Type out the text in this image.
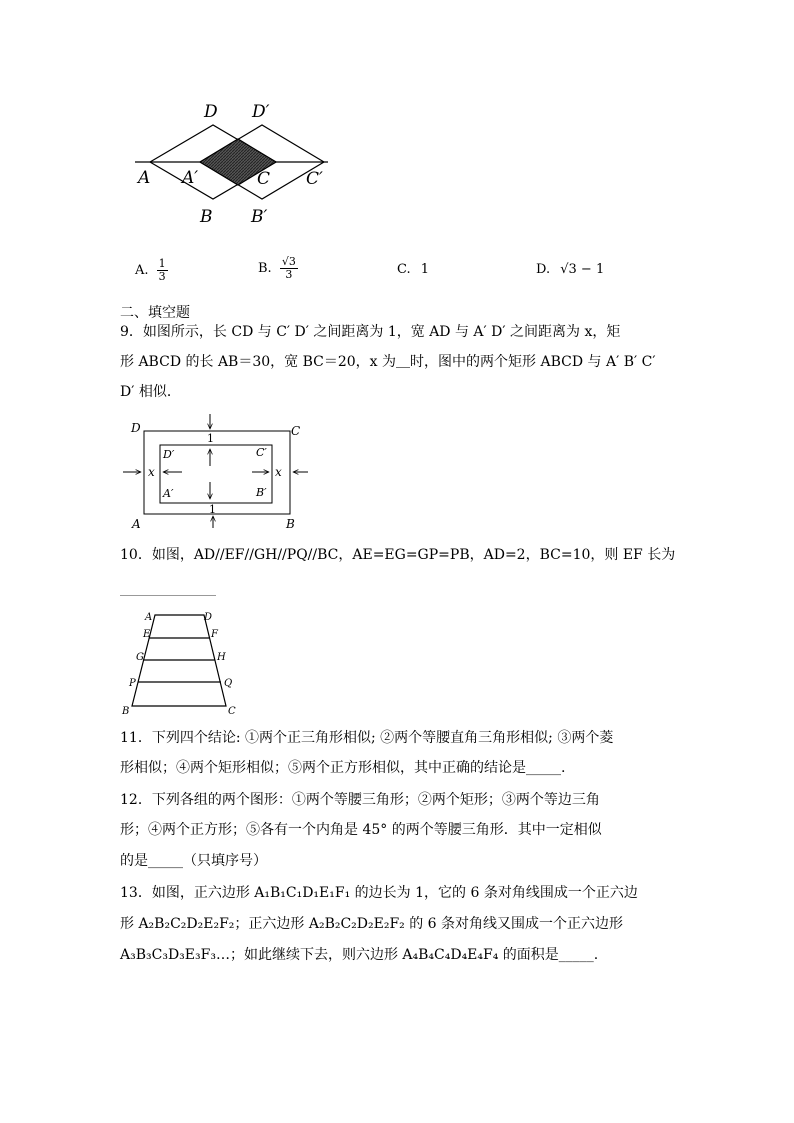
D D′
A A′	C C′
B B′
A. $\frac{1}{3}$	B. $\frac{√3}{3}$	C. 1	D. √3 − 1
二、填空题
9．如图所示，长 CD 与 C′ D′ 之间距离为 1，宽 AD 与 A′ D′ 之间距离为 x，矩
形 ABCD 的长 AB＝30，宽 BC＝20，x 为＿时，图中的两个矩形 ABCD 与 A′ B′ C′
D′ 相似．
D	C
A	B
D′	C′
A′	B′
x	x
1
1
10．如图，AD//EF//GH//PQ//BC，AE=EG=GP=PB，AD=2，BC=10，则 EF 长为
A	D
E	F
G	H
P	Q
B	C
11．下列四个结论: ①两个正三角形相似; ②两个等腰直角三角形相似; ③两个菱
形相似；④两个矩形相似；⑤两个正方形相似，其中正确的结论是_____.
12．下列各组的两个图形：①两个等腰三角形；②两个矩形；③两个等边三角
形；④两个正方形；⑤各有一个内角是 45° 的两个等腰三角形．其中一定相似
的是_____（只填序号）
13．如图，正六边形 A₁B₁C₁D₁E₁F₁ 的边长为 1，它的 6 条对角线围成一个正六边
形 A₂B₂C₂D₂E₂F₂；正六边形 A₂B₂C₂D₂E₂F₂ 的 6 条对角线又围成一个正六边形
A₃B₃C₃D₃E₃F₃…；如此继续下去，则六边形 A₄B₄C₄D₄E₄F₄ 的面积是_____.
